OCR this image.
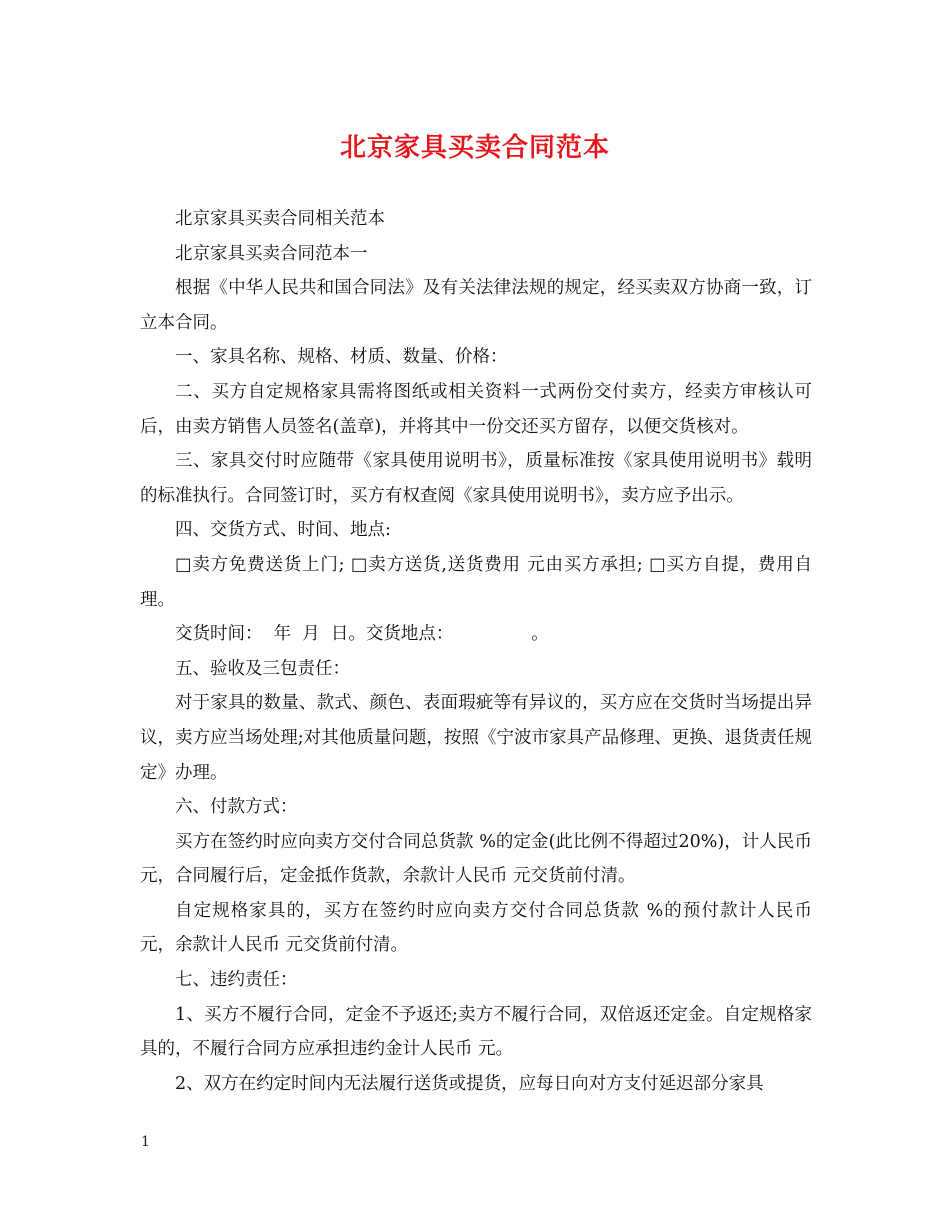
北京家具买卖合同范本

北京家具买卖合同相关范本

北京家具买卖合同范本一

根据《中华人民共和国合同法》及有关法律法规的规定，经买卖双方协商一致，订立本合同。

一、家具名称、规格、材质、数量、价格：

二、买方自定规格家具需将图纸或相关资料一式两份交付卖方，经卖方审核认可后，由卖方销售人员签名(盖章)，并将其中一份交还买方留存，以便交货核对。

三、家具交付时应随带《家具使用说明书》，质量标准按《家具使用说明书》载明的标准执行。合同签订时，买方有权查阅《家具使用说明书》，卖方应予出示。

四、交货方式、时间、地点:

□卖方免费送货上门; □卖方送货,送货费用 元由买方承担; □买方自提，费用自理。

交货时间：  年  月  日。交货地点：              。

五、验收及三包责任：

对于家具的数量、款式、颜色、表面瑕疵等有异议的，买方应在交货时当场提出异议，卖方应当场处理;对其他质量问题，按照《宁波市家具产品修理、更换、退货责任规定》办理。

六、付款方式：

买方在签约时应向卖方交付合同总货款 %的定金(此比例不得超过20%)，计人民币 元，合同履行后，定金抵作货款，余款计人民币 元交货前付清。

自定规格家具的，买方在签约时应向卖方交付合同总货款 %的预付款计人民币 元，余款计人民币 元交货前付清。

七、违约责任：

1、买方不履行合同，定金不予返还;卖方不履行合同，双倍返还定金。自定规格家具的，不履行合同方应承担违约金计人民币 元。

2、双方在约定时间内无法履行送货或提货，应每日向对方支付延迟部分家具

1
